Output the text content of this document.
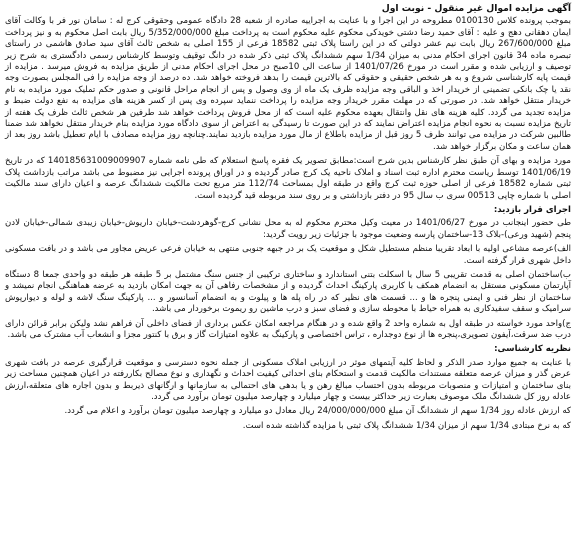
آگهی مزایده اموال غیر منقول - نوبت اول
بموجب پرونده کلاس 0100130 مطروحه در این اجرا و با عنایت به اجراییه صادره از شعبه 28 دادگاه عمومی وحقوقی کرج له : سامان نور فر با وکالت آقای ایمان دهقانی دهج و علیه : آقای حمید رضا دشتی خویدکی محکوم علیه محکوم است به پرداخت مبلغ 5/352/000/000 ریال بابت اصل محکوم به و نیز پرداخت مبلغ 267/600/000 ریال بابت نیم عشر دولتی که در این راستا پلاک ثبتی 18582 فرعی از 155 اصلی به شخص ثالث آقای سید صادق هاشمی در راستای تبصره ماده 34 قانون اجرای احکام مدنی به میزان 1/34 سهم ششدانگ پلاک ثبتی ذکر شده در دانگ توقیف وتوسط کارشناس رسمی دادگستری به شرح زیر توصیف و ارزیابی شده و مقرر است در مورخ 1401/07/26 از ساعت الی 10صبح در محل اجرای احکام مدنی از طریق مزایده به فروش میرسد . مزایده از قیمت پایه کارشناسی شروع و به هر شخص حقیقی و حقوقی که بالاترین قیمت را بدهد فروخته خواهد شد. ده درصد از وجه مزایده را فی المجلس بصورت وجه نقد یا چک بانکی تضمینی از خریدار اخذ و الباقی وجه مزایده ظرف یک ماه از وی وصول و پس از انجام مراحل قانونی و صدور حکم تملیک مورد مزایده به نام خریدار منتقل خواهد شد. در صورتی که در مهلت مقرر خریدار وجه مزایده را پرداخت ننماید سپرده وی پس از کسر هزینه های مزایده به نفع دولت ضبط و مزایده تجدید می گردد. کلیه هزینه های نقل وانتقال بعهده محکوم علیه است که از محل فروش پرداخت خواهد شد طرفین هر شخص ثالث ظرف یک هفته از تاریخ مزایده نسبت به نحوه انجام مزایده اعتراض نمایند که در این صورت تا رسیدگی به اعتراض از سوی دادگاه مورد مزایده بنام خریدار منتقل نخواهد شد ضمنا طالبین شرکت در مزایده می توانند ظرف 5 روز قبل از مزایده باطلاع از مال مورد مزایده بازدید نمایند.چنانچه روز مزایده مصادف با ایام تعطیل باشد روز بعد از همان ساعت و مکان برگزار خواهد شد.
مورد مزایده و بهای آن طبق نظر کارشناس بدین شرح است:مطابق تصویر یک فقره پاسخ استعلام که طی نامه شماره 140185631009009907 که در تاریخ 1401/06/19 توسط ریاست محترم اداره ثبت اسناد و املاک ناحیه یک کرج صادر گردیده و در اوراق پرونده اجرایی نیز مضبوط می باشد مراتب بازداشت پلاک ثبتی شماره 18582 فرعی از اصلی حوزه ثبت کرج واقع در طبقه اول بمساحت 112/74 متر مربع تحت مالکیت ششدانگ عرصه و اعیان دارای سند مالکیت اصلی با شماره چاپی 00513 سری ب سال 95 در دفتر بازداشتی و بر روی سند مربوطه قید گردیده است.
اجرای قرار بازدید:
طی حضور اینجانب در مورخ 1401/06/27 در معیت وکیل محترم محکوم له به محل نشانی کرج-گوهردشت-خیابان داریوش-خیابان زیبدی شمالی-خیابان لادن پنجم (شهید ورعی)-بلاک 13-ساختمان پارسه وضعیت موجود با جزئیات زیر رویت گردید:
الف)عرصه مشاعی اولیه با ابعاد تقریبا منظم مستطیل شکل و موقعیت یک بر در جبهه جنوبی منتهی به خیابان فرعی عریض مجاور می باشد و در بافت مسکونی داخل شهری قرار گرفته است.
ب)ساختمان اصلی به قدمت تقریبی 5 سال با اسکلت بتنی استاندارد و ساختاری ترکیبی از جنس سنگ مشتمل بر 5 طبقه هر طبقه دو واحدی جمعا 8 دستگاه آپارتمان مسکونی مستقل به انضمام همکف با کاربری پارکینگ احداث گردیده و از مشخصات رفاهی آن به جهت امکان بازدید به عرضه هماهنگی انجام نمیشد و ساختمان از نظر فنی و ایمنی پنجره ها و ... قسمت های نظیر که در راه پله ها و پیلوت و به انضمام آسانسور و ... پارکینگ سنگ لاشه و لوله و دیوارپوش سرامیک و سقف سفیدکاری به همراه حیاط با محوطه سازی و فضای سبز و درب ماشین رو ریموت برخوردار می باشد.
ج)واحد مورد خواسته در طبقه اول به شماره واحد 2 واقع شده و در هنگام مراجعه امکان عکس برداری از فضای داخلی آن فراهم نشد ولیکن برابر قرائن دارای درب ضد سرقت،آیفون تصویری،پنجره ها از نوع دوجداره ، تراس اختصاصی و پارکینگ به علاوه امتیازات گاز و برق با کنتور مجزا و انشعاب آب مشترک می باشد.
نظریه کارشناسی:
با عنایت به جمیع موارد صدر الذکر و لحاظ کلیه آیتمهای موثر در ارزیابی املاک مسکونی از جمله نحوه دسترسی و موقعیت قرارگیری عرصه در بافت شهری عرض گذر و میزان عرصه متعلقه مستندات مالکیت قدمت و استحکام بنای احداثی کیفیت احداث و نگهداری و نوع مصالح بکاررفته در اعیان همچنین مساحت زیر بنای ساختمان و امتیازات و منصوبات مربوطه بدون احتساب مبالغ رهن و یا بدهی های احتمالی به سازمانها و ارگانهای ذیربط و بدون اجاره های متعلقه،ارزش عادله روز کل ششدانگ ملک موصوف بعبارت زیر حداکثر بیست و چهار میلیارد و چهارصد میلیون تومان برآورد می گردد.
که ارزش عادله روز 1/34 سهم از ششدانگ آن مبلغ 24/000/000/000 ریال معادل دو میلیارد و چهارصد میلیون تومان برآورد و اعلام می گردد.
که به نرخ مبتادی 1/34 سهم از میزان 1/34 ششدانگ پلاک ثبتی با مزایده گذاشته شده است.
